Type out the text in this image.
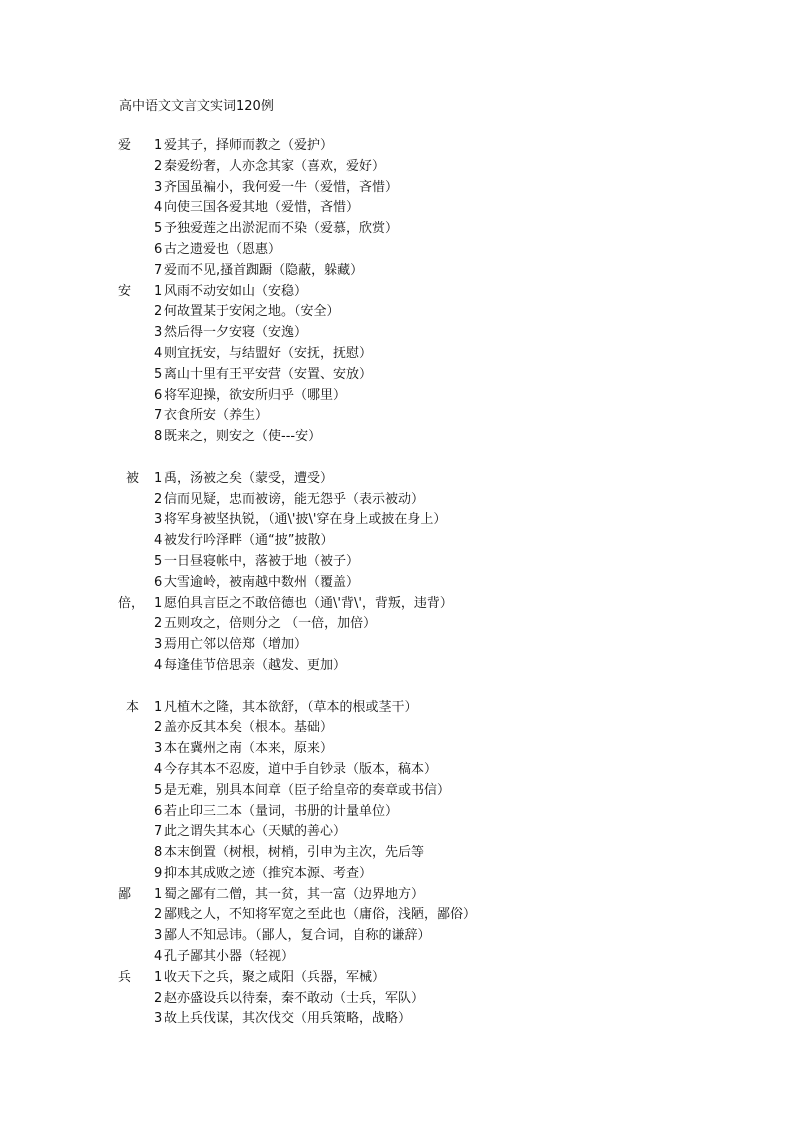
高中语文文言文实词120例
爱	1 爱其子，择师而教之（爱护）
2 秦爱纷奢，人亦念其家（喜欢，爱好）
3 齐国虽褊小，我何爱一牛（爱惜，吝惜）
4 向使三国各爱其地（爱惜，吝惜）
5 予独爱莲之出淤泥而不染（爱慕，欣赏）
6 古之遗爱也（恩惠）
7 爱而不见,搔首踟蹰（隐蔽，躲藏）
安	1 风雨不动安如山（安稳）
2 何故置某于安闲之地。（安全）
3 然后得一夕安寝（安逸）
4 则宜抚安，与结盟好（安抚，抚慰）
5 离山十里有王平安营（安置、安放）
6 将军迎操，欲安所归乎（哪里）
7 衣食所安（养生）
8 既来之，则安之（使---安）
被	1 禹，汤被之矣（蒙受，遭受）
2 信而见疑，忠而被谤，能无怨乎（表示被动）
3 将军身被坚执锐，（通\'披\'穿在身上或披在身上）
4 被发行吟泽畔（通“披”披散）
5 一日昼寝帐中，落被于地（被子）
6 大雪逾岭，被南越中数州（覆盖）
倍， 1 愿伯具言臣之不敢倍德也（通\'背\'，背叛，违背）
2 五则攻之，倍则分之 （一倍，加倍）
3 焉用亡邻以倍郑（增加）
4 每逢佳节倍思亲（越发、更加）
本	1 凡植木之隆，其本欲舒，（草本的根或茎干）
2 盖亦反其本矣（根本。基础）
3 本在冀州之南（本来，原来）
4 今存其本不忍废，道中手自钞录（版本，稿本）
5 是无难，别具本间章（臣子给皇帝的奏章或书信）
6 若止印三二本（量词，书册的计量单位）
7 此之谓失其本心（天赋的善心）
8 本末倒置（树根，树梢，引申为主次，先后等
9 抑本其成败之迹（推究本源、考查）
鄙	1 蜀之鄙有二僧，其一贫，其一富（边界地方）
2 鄙贱之人，不知将军宽之至此也（庸俗，浅陋，鄙俗）
3 鄙人不知忌讳。（鄙人，复合词，自称的谦辞）
4 孔子鄙其小器（轻视）
兵	1 收天下之兵，聚之咸阳（兵器，军械）
2 赵亦盛设兵以待秦，秦不敢动（士兵，军队）
3 故上兵伐谋，其次伐交（用兵策略，战略）
